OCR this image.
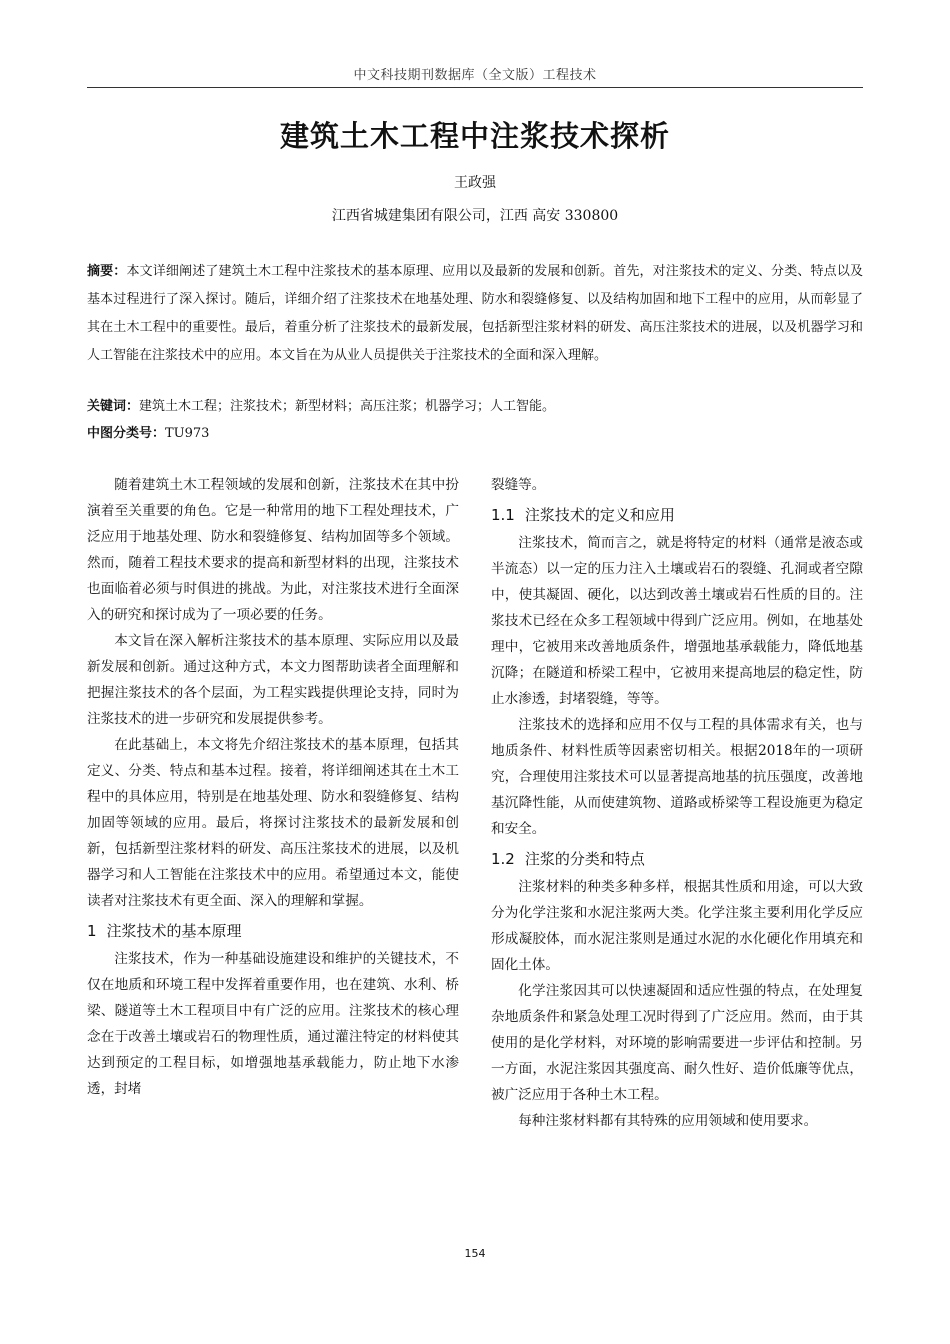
中文科技期刊数据库（全文版）工程技术
建筑土木工程中注浆技术探析
王政强
江西省城建集团有限公司，江西 高安 330800
摘要：本文详细阐述了建筑土木工程中注浆技术的基本原理、应用以及最新的发展和创新。首先，对注浆技术的定义、分类、特点以及基本过程进行了深入探讨。随后，详细介绍了注浆技术在地基处理、防水和裂缝修复、以及结构加固和地下工程中的应用，从而彰显了其在土木工程中的重要性。最后，着重分析了注浆技术的最新发展，包括新型注浆材料的研发、高压注浆技术的进展，以及机器学习和人工智能在注浆技术中的应用。本文旨在为从业人员提供关于注浆技术的全面和深入理解。
关键词：建筑土木工程；注浆技术；新型材料；高压注浆；机器学习；人工智能。
中图分类号：TU973

随着建筑土木工程领域的发展和创新，注浆技术在其中扮演着至关重要的角色。它是一种常用的地下工程处理技术，广泛应用于地基处理、防水和裂缝修复、结构加固等多个领域。然而，随着工程技术要求的提高和新型材料的出现，注浆技术也面临着必须与时俱进的挑战。为此，对注浆技术进行全面深入的研究和探讨成为了一项必要的任务。

本文旨在深入解析注浆技术的基本原理、实际应用以及最新发展和创新。通过这种方式，本文力图帮助读者全面理解和把握注浆技术的各个层面，为工程实践提供理论支持，同时为注浆技术的进一步研究和发展提供参考。

在此基础上，本文将先介绍注浆技术的基本原理，包括其定义、分类、特点和基本过程。接着，将详细阐述其在土木工程中的具体应用，特别是在地基处理、防水和裂缝修复、结构加固等领域的应用。最后，将探讨注浆技术的最新发展和创新，包括新型注浆材料的研发、高压注浆技术的进展，以及机器学习和人工智能在注浆技术中的应用。希望通过本文，能使读者对注浆技术有更全面、深入的理解和掌握。

1 注浆技术的基本原理

注浆技术，作为一种基础设施建设和维护的关键技术，不仅在地质和环境工程中发挥着重要作用，也在建筑、水利、桥梁、隧道等土木工程项目中有广泛的应用。注浆技术的核心理念在于改善土壤或岩石的物理性质，通过灌注特定的材料使其达到预定的工程目标，如增强地基承载能力，防止地下水渗透，封堵

裂缝等。

1.1 注浆技术的定义和应用

注浆技术，简而言之，就是将特定的材料（通常是液态或半流态）以一定的压力注入土壤或岩石的裂缝、孔洞或者空隙中，使其凝固、硬化，以达到改善土壤或岩石性质的目的。注浆技术已经在众多工程领域中得到广泛应用。例如，在地基处理中，它被用来改善地质条件，增强地基承载能力，降低地基沉降；在隧道和桥梁工程中，它被用来提高地层的稳定性，防止水渗透，封堵裂缝，等等。

注浆技术的选择和应用不仅与工程的具体需求有关，也与地质条件、材料性质等因素密切相关。根据2018年的一项研究，合理使用注浆技术可以显著提高地基的抗压强度，改善地基沉降性能，从而使建筑物、道路或桥梁等工程设施更为稳定和安全。

1.2 注浆的分类和特点

注浆材料的种类多种多样，根据其性质和用途，可以大致分为化学注浆和水泥注浆两大类。化学注浆主要利用化学反应形成凝胶体，而水泥注浆则是通过水泥的水化硬化作用填充和固化土体。

化学注浆因其可以快速凝固和适应性强的特点，在处理复杂地质条件和紧急处理工况时得到了广泛应用。然而，由于其使用的是化学材料，对环境的影响需要进一步评估和控制。另一方面，水泥注浆因其强度高、耐久性好、造价低廉等优点，被广泛应用于各种土木工程。

每种注浆材料都有其特殊的应用领域和使用要求。

154
